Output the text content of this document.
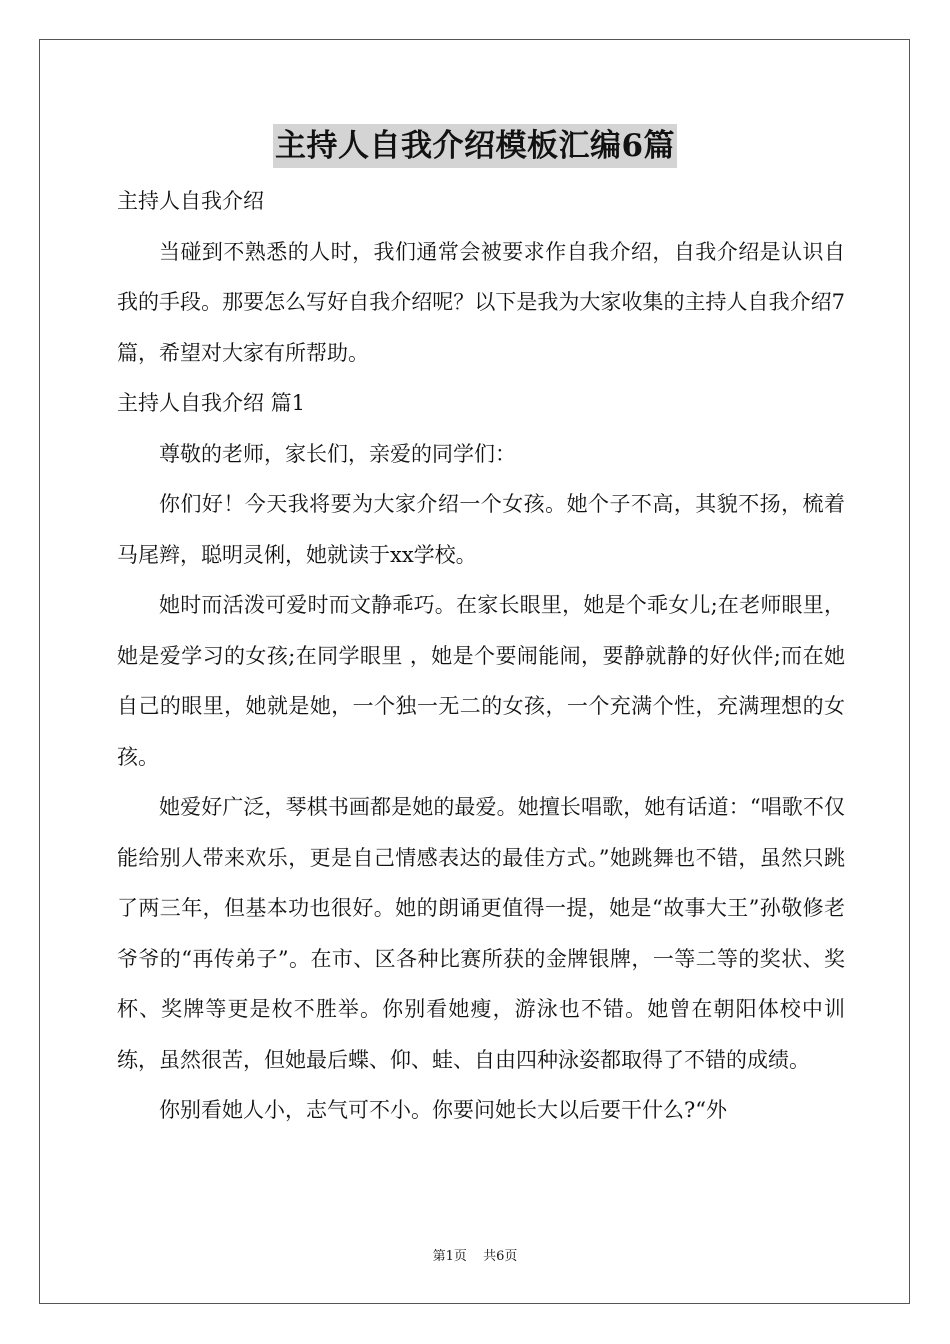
主持人自我介绍模板汇编6篇

主持人自我介绍

当碰到不熟悉的人时，我们通常会被要求作自我介绍，自我介绍是认识自我的手段。那要怎么写好自我介绍呢？以下是我为大家收集的主持人自我介绍7篇，希望对大家有所帮助。

主持人自我介绍 篇1

尊敬的老师，家长们，亲爱的同学们：

你们好！今天我将要为大家介绍一个女孩。她个子不高，其貌不扬，梳着马尾辫，聪明灵俐，她就读于xx学校。

她时而活泼可爱时而文静乖巧。在家长眼里，她是个乖女儿;在老师眼里，她是爱学习的女孩;在同学眼里 ，她是个要闹能闹，要静就静的好伙伴;而在她自己的眼里，她就是她，一个独一无二的女孩，一个充满个性，充满理想的女孩。

她爱好广泛，琴棋书画都是她的最爱。她擅长唱歌，她有话道：“唱歌不仅能给别人带来欢乐，更是自己情感表达的最佳方式。”她跳舞也不错，虽然只跳了两三年，但基本功也很好。她的朗诵更值得一提，她是“故事大王”孙敬修老爷爷的“再传弟子”。在市、区各种比赛所获的金牌银牌，一等二等的奖状、奖杯、奖牌等更是枚不胜举。你别看她瘦，游泳也不错。她曾在朝阳体校中训练，虽然很苦，但她最后蝶、仰、蛙、自由四种泳姿都取得了不错的成绩。

你别看她人小，志气可不小。你要问她长大以后要干什么?“外

第1页 共6页
